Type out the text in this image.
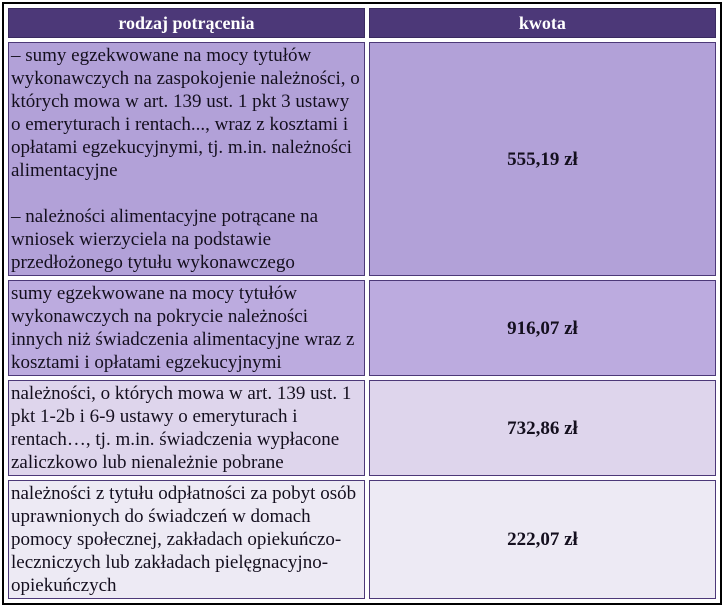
rodzaj potrącenia	kwota

– sumy egzekwowane na mocy tytułów wykonawczych na zaspokojenie należności, o których mowa w art. 139 ust. 1 pkt 3 ustawy o emeryturach i rentach..., wraz z kosztami i opłatami egzekucyjnymi, tj. m.in. należności alimentacyjne
– należności alimentacyjne potrącane na wniosek wierzyciela na podstawie przedłożonego tytułu wykonawczego	555,19 zł

sumy egzekwowane na mocy tytułów wykonawczych na pokrycie należności innych niż świadczenia alimentacyjne wraz z kosztami i opłatami egzekucyjnymi	916,07 zł

należności, o których mowa w art. 139 ust. 1 pkt 1-2b i 6-9 ustawy o emeryturach i rentach…, tj. m.in. świadczenia wypłacone zaliczkowo lub nienależnie pobrane	732,86 zł

należności z tytułu odpłatności za pobyt osób uprawnionych do świadczeń w domach pomocy społecznej, zakładach opiekuńczo-leczniczych lub zakładach pielęgnacyjno-opiekuńczych	222,07 zł
